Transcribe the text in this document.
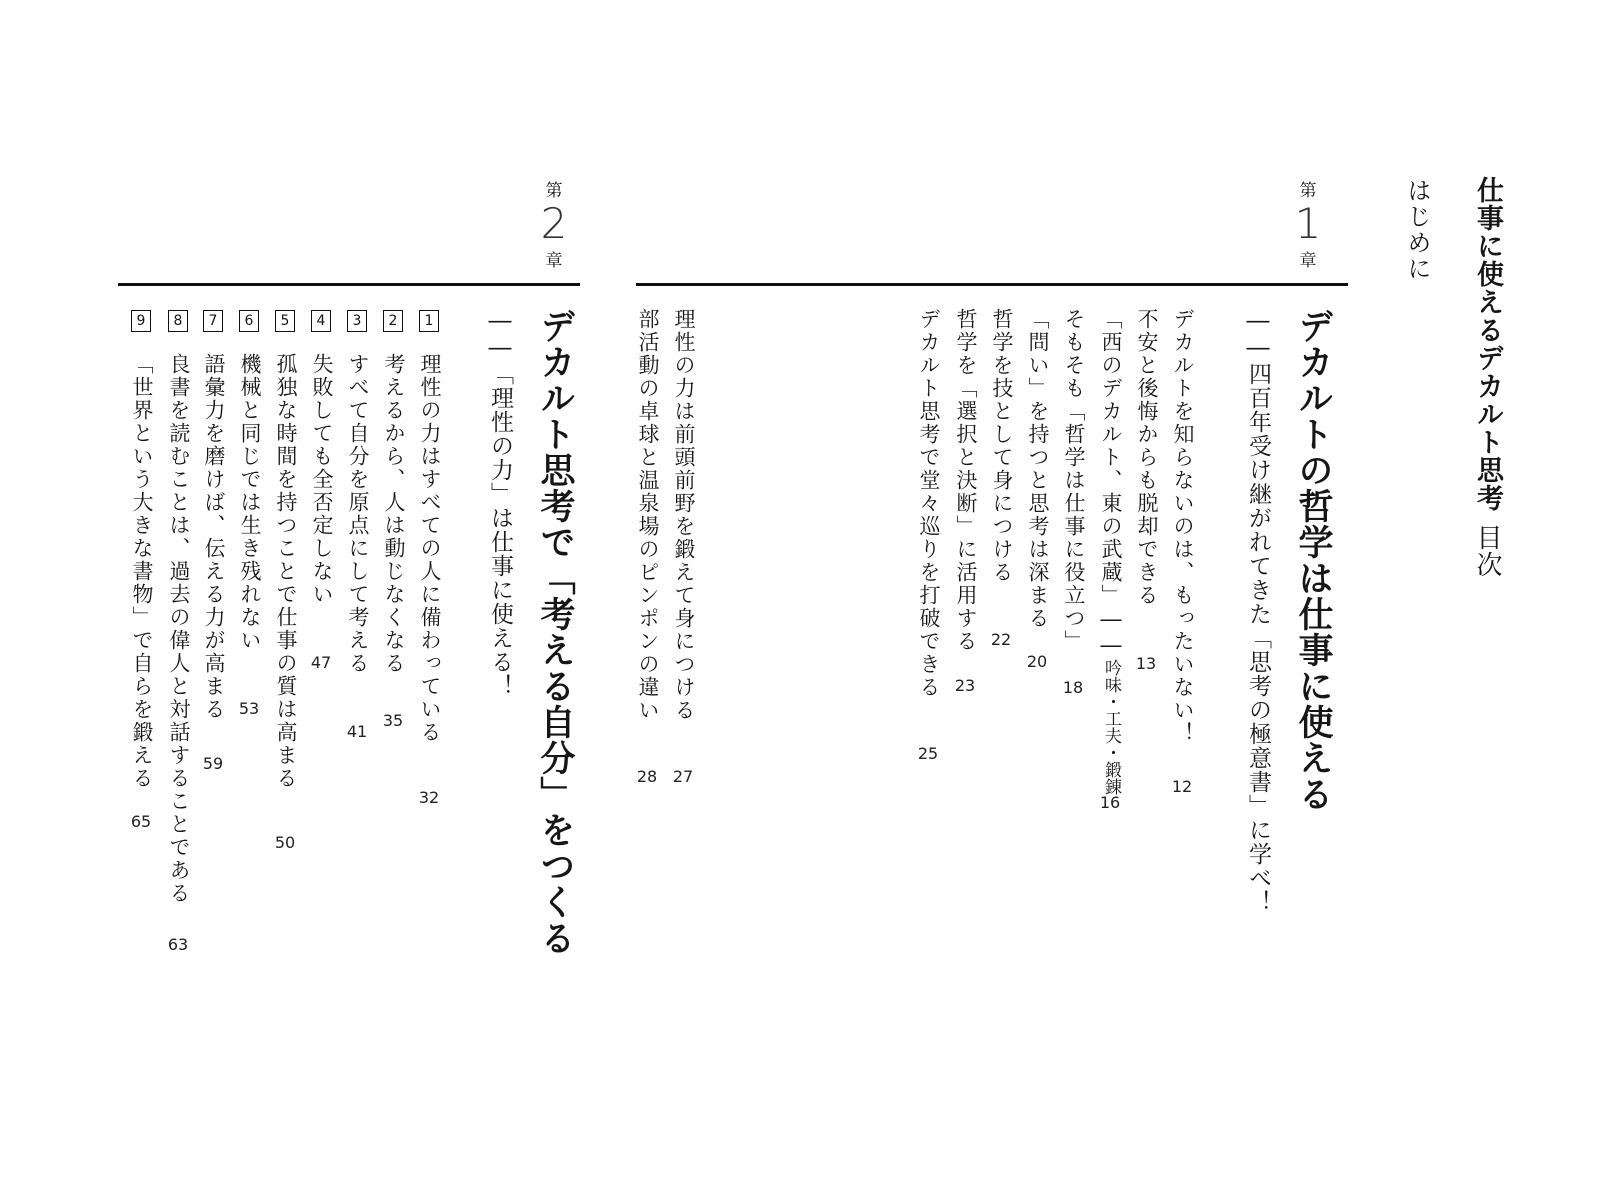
仕事に使えるデカルト思考目次
はじめに
第
1
章
デカルトの哲学は仕事に使える
――四百年受け継がれてきた「思考の極意書」に学べ！
デカルトを知らないのは、もったいない！
12
不安と後悔からも脱却できる
13
「西のデカルト、東の武蔵」――吟味・工夫・鍛錬
16
そもそも「哲学は仕事に役立つ」
18
「問い」を持つと思考は深まる
20
哲学を技として身につける
22
哲学を「選択と決断」に活用する
23
デカルト思考で堂々巡りを打破できる
25
理性の力は前頭前野を鍛えて身につける
27
部活動の卓球と温泉場のピンポンの違い
28
第
2
章
デカルト思考で「考える自分」をつくる
――「理性の力」は仕事に使える！
1
理性の力はすべての人に備わっている
32
2
考えるから、人は動じなくなる
35
3
すべて自分を原点にして考える
41
4
失敗しても全否定しない
47
5
孤独な時間を持つことで仕事の質は高まる
50
6
機械と同じでは生き残れない
53
7
語彙力を磨けば、伝える力が高まる
59
8
良書を読むことは、過去の偉人と対話することである
63
9
「世界という大きな書物」で自らを鍛える
65
